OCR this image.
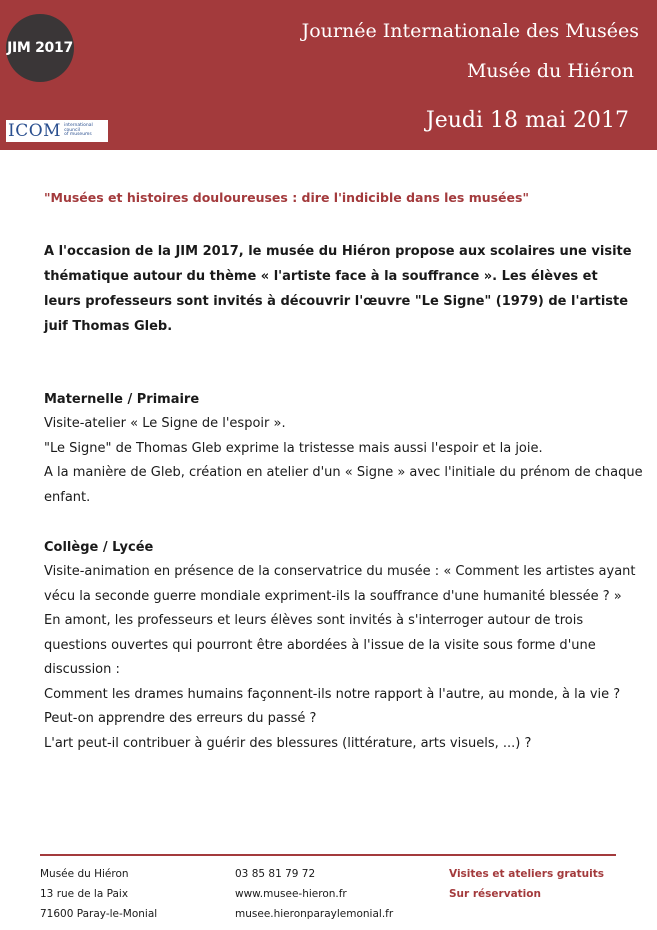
JIM 2017
ICOM international
council
of museums
Journée Internationale des Musées
Musée du Hiéron
Jeudi 18 mai 2017

"Musées et histoires douloureuses : dire l'indicible dans les musées"

A l'occasion de la JIM 2017, le musée du Hiéron propose aux scolaires une visite thématique autour du thème « l'artiste face à la souffrance ». Les élèves et leurs professeurs sont invités à découvrir l'œuvre "Le Signe" (1979) de l'artiste juif Thomas Gleb.

Maternelle / Primaire

Visite-atelier « Le Signe de l'espoir ».

"Le Signe" de Thomas Gleb exprime la tristesse mais aussi l'espoir et la joie.

A la manière de Gleb, création en atelier d'un « Signe » avec l'initiale du prénom de chaque enfant.

Collège / Lycée

Visite-animation en présence de la conservatrice du musée : « Comment les artistes ayant vécu la seconde guerre mondiale expriment-ils la souffrance d'une humanité blessée ? »

En amont, les professeurs et leurs élèves sont invités à s'interroger autour de trois questions ouvertes qui pourront être abordées à l'issue de la visite sous forme d'une discussion :

Comment les drames humains façonnent-ils notre rapport à l'autre, au monde, à la vie ?

Peut-on apprendre des erreurs du passé ?

L'art peut-il contribuer à guérir des blessures (littérature, arts visuels, ...) ?

Musée du Hiéron
13 rue de la Paix
71600 Paray-le-Monial
03 85 81 79 72
www.musee-hieron.fr
musee.hieronparaylemonial.fr
Visites et ateliers gratuits
Sur réservation
